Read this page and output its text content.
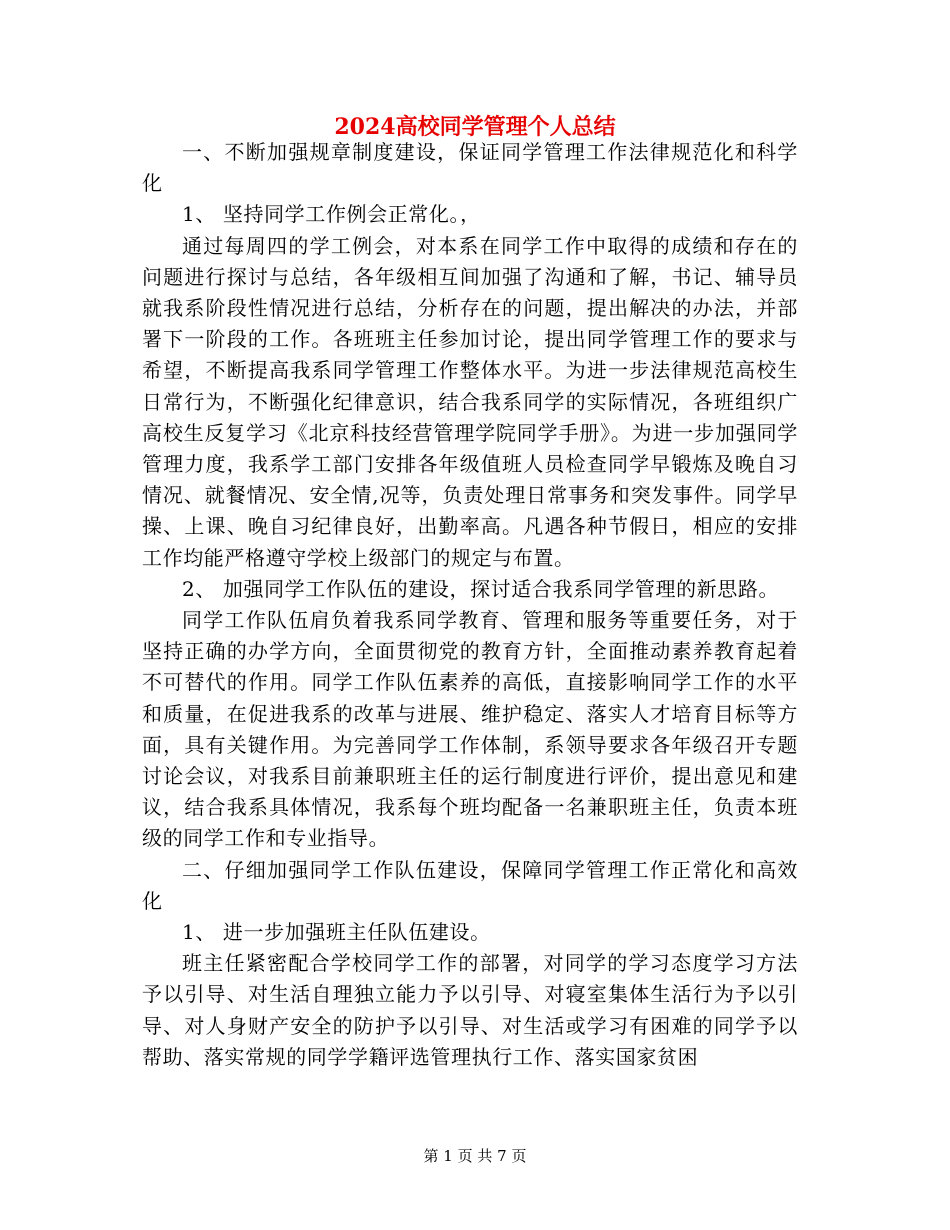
2024高校同学管理个人总结

一、不断加强规章制度建设，保证同学管理工作法律规范化和科学化

1、 坚持同学工作例会正常化。，

通过每周四的学工例会，对本系在同学工作中取得的成绩和存在的问题进行探讨与总结，各年级相互间加强了沟通和了解，书记、辅导员就我系阶段性情况进行总结，分析存在的问题，提出解决的办法，并部署下一阶段的工作。各班班主任参加讨论，提出同学管理工作的要求与希望，不断提高我系同学管理工作整体水平。为进一步法律规范高校生日常行为，不断强化纪律意识，结合我系同学的实际情况，各班组织广高校生反复学习《北京科技经营管理学院同学手册》。为进一步加强同学管理力度，我系学工部门安排各年级值班人员检查同学早锻炼及晚自习情况、就餐情况、安全情,况等，负责处理日常事务和突发事件。同学早操、上课、晚自习纪律良好，出勤率高。凡遇各种节假日，相应的安排工作均能严格遵守学校上级部门的规定与布置。

2、 加强同学工作队伍的建设，探讨适合我系同学管理的新思路。

同学工作队伍肩负着我系同学教育、管理和服务等重要任务，对于坚持正确的办学方向，全面贯彻党的教育方针，全面推动素养教育起着不可替代的作用。同学工作队伍素养的高低，直接影响同学工作的水平和质量，在促进我系的改革与进展、维护稳定、落实人才培育目标等方面，具有关键作用。为完善同学工作体制，系领导要求各年级召开专题讨论会议，对我系目前兼职班主任的运行制度进行评价，提出意见和建议，结合我系具体情况，我系每个班均配备一名兼职班主任，负责本班级的同学工作和专业指导。

二、仔细加强同学工作队伍建设，保障同学管理工作正常化和高效化

1、 进一步加强班主任队伍建设。

班主任紧密配合学校同学工作的部署，对同学的学习态度学习方法予以引导、对生活自理独立能力予以引导、对寝室集体生活行为予以引导、对人身财产安全的防护予以引导、对生活或学习有困难的同学予以帮助、落实常规的同学学籍评选管理执行工作、落实国家贫困

第 1 页 共 7 页
